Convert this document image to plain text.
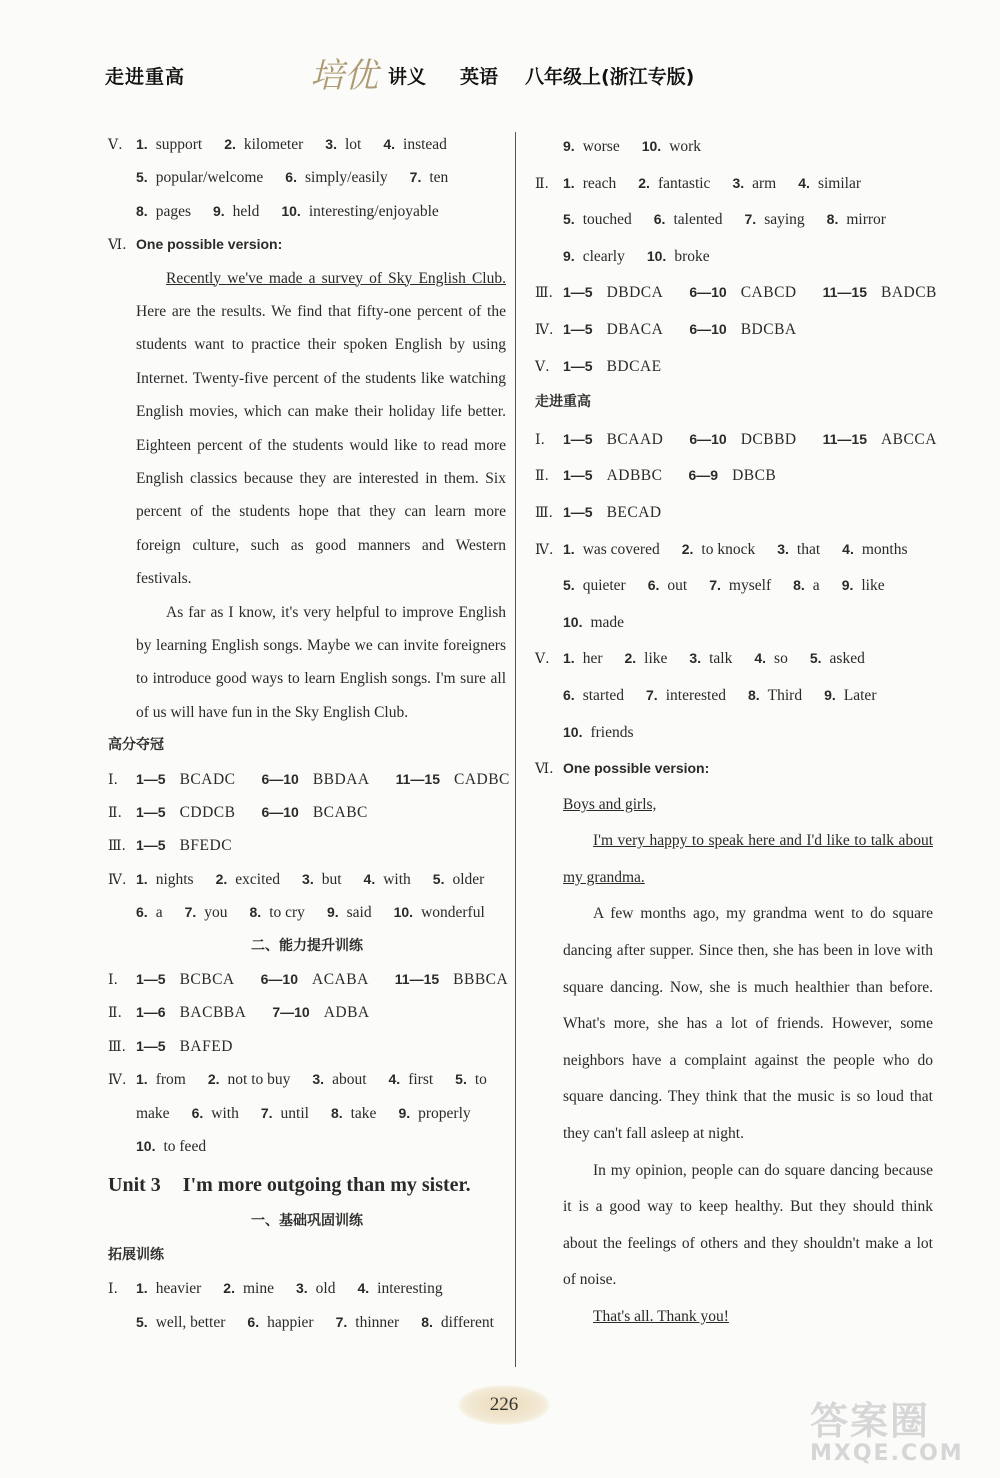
走进重高	培优 讲义 英语 八年级上(浙江专版)
Ⅴ. 1. support 2. kilometer 3. lot 4. instead
5. popular/welcome 6. simply/easily 7. ten
8. pages 9. held 10. interesting/enjoyable
Ⅵ. One possible version:

Recently we've made a survey of Sky English Club. Here are the results. We find that fifty-one percent of the students want to practice their spoken English by using Internet. Twenty-five percent of the students like watching English movies, which can make their holiday life better. Eighteen percent of the students would like to read more English classics because they are interested in them. Six percent of the students hope that they can learn more foreign culture, such as good manners and Western festivals.

As far as I know, it's very helpful to improve English by learning English songs. Maybe we can invite foreigners to introduce good ways to learn English songs. I'm sure all of us will have fun in the Sky English Club.

高分夺冠
Ⅰ. 1—5 BCADC 6—10 BBDAA 11—15 CADBC
Ⅱ. 1—5 CDDCB 6—10 BCABC
Ⅲ. 1—5 BFEDC
Ⅳ. 1. nights 2. excited 3. but 4. with 5. older
6. a 7. you 8. to cry 9. said 10. wonderful
二、能力提升训练
Ⅰ. 1—5 BCBCA 6—10 ACABA 11—15 BBBCA
Ⅱ. 1—6 BACBBA 7—10 ADBA
Ⅲ. 1—5 BAFED
Ⅳ. 1. from 2. not to buy 3. about 4. first 5. to
make 6. with 7. until 8. take 9. properly
10. to feed
Unit 3 I'm more outgoing than my sister.
一、基础巩固训练
拓展训练
Ⅰ. 1. heavier 2. mine 3. old 4. interesting
5. well, better 6. happier 7. thinner 8. different
9. worse 10. work
Ⅱ. 1. reach 2. fantastic 3. arm 4. similar
5. touched 6. talented 7. saying 8. mirror
9. clearly 10. broke
Ⅲ. 1—5 DBDCA 6—10 CABCD 11—15 BADCB
Ⅳ. 1—5 DBACA 6—10 BDCBA
Ⅴ. 1—5 BDCAE
走进重高
Ⅰ. 1—5 BCAAD 6—10 DCBBD 11—15 ABCCA
Ⅱ. 1—5 ADBBC 6—9 DBCB
Ⅲ. 1—5 BECAD
Ⅳ. 1. was covered 2. to knock 3. that 4. months
5. quieter 6. out 7. myself 8. a 9. like
10. made
Ⅴ. 1. her 2. like 3. talk 4. so 5. asked
6. started 7. interested 8. Third 9. Later
10. friends
Ⅵ. One possible version:

Boys and girls,

I'm very happy to speak here and I'd like to talk about my grandma.

A few months ago, my grandma went to do square dancing after supper. Since then, she has been in love with square dancing. Now, she is much healthier than before. What's more, she has a lot of friends. However, some neighbors have a complaint against the people who do square dancing. They think that the music is so loud that they can't fall asleep at night.

In my opinion, people can do square dancing because it is a good way to keep healthy. But they should think about the feelings of others and they shouldn't make a lot of noise.

That's all. Thank you!

226	答案圈
MXQE.COM
